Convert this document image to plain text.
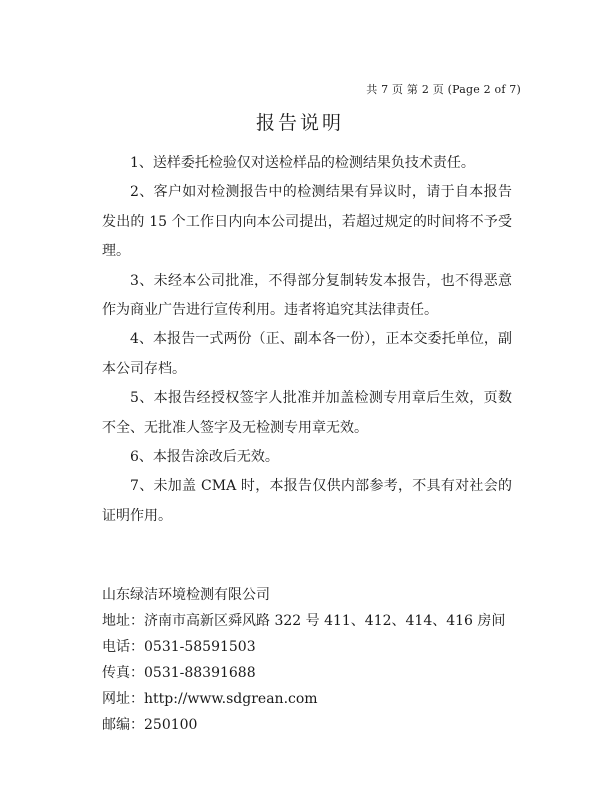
共 7 页 第 2 页 (Page 2 of 7)
报告说明

1、送样委托检验仅对送检样品的检测结果负技术责任。

2、客户如对检测报告中的检测结果有异议时，请于自本报告发出的 15 个工作日内向本公司提出，若超过规定的时间将不予受理。

3、未经本公司批准，不得部分复制转发本报告，也不得恶意作为商业广告进行宣传利用。违者将追究其法律责任。

4、本报告一式两份（正、副本各一份），正本交委托单位，副本公司存档。

5、本报告经授权签字人批准并加盖检测专用章后生效，页数不全、无批准人签字及无检测专用章无效。

6、本报告涂改后无效。

7、未加盖 CMA 时，本报告仅供内部参考，不具有对社会的证明作用。

山东绿洁环境检测有限公司
地址：济南市高新区舜风路 322 号 411、412、414、416 房间
电话：0531-58591503
传真：0531-88391688
网址：http://www.sdgrean.com
邮编：250100
